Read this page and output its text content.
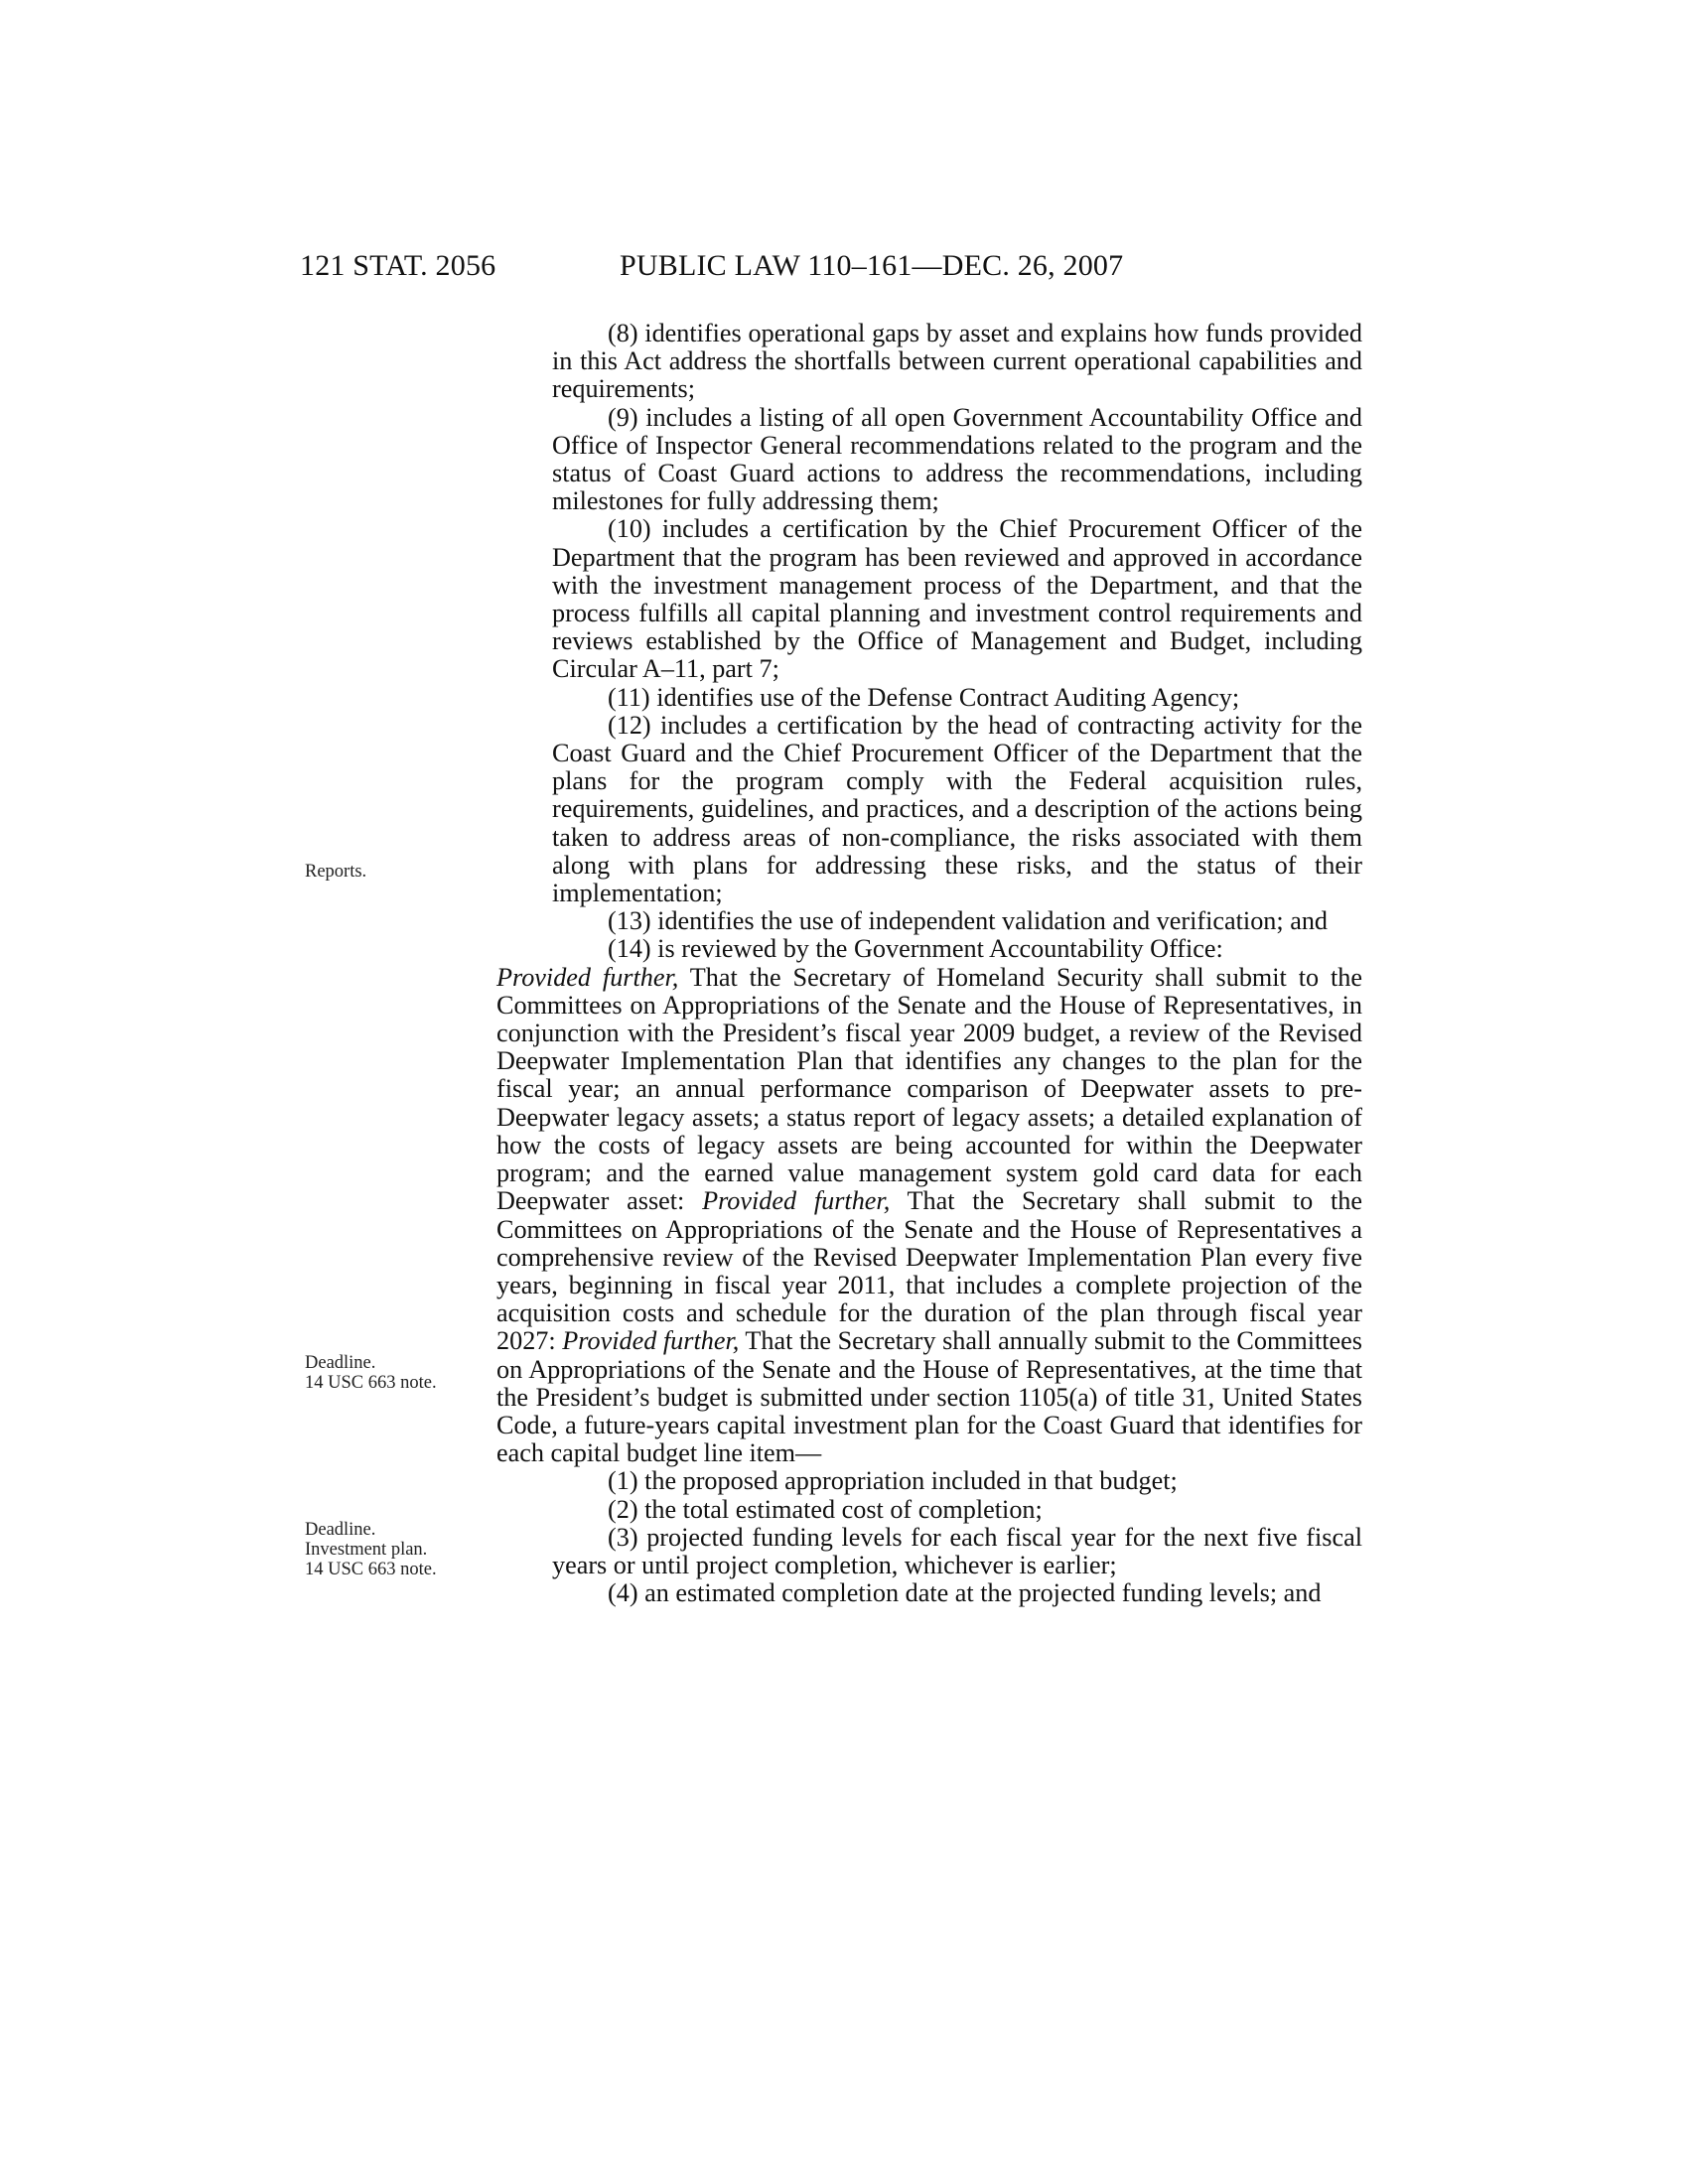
121 STAT. 2056	PUBLIC LAW 110–161—DEC. 26, 2007
Reports.
Deadline.
14 USC 663 note.
Deadline.
Investment plan.
14 USC 663 note.

(8) identifies operational gaps by asset and explains how funds provided in this Act address the shortfalls between current operational capabilities and requirements;

(9) includes a listing of all open Government Accountability Office and Office of Inspector General recommendations related to the program and the status of Coast Guard actions to address the recommendations, including milestones for fully addressing them;

(10) includes a certification by the Chief Procurement Officer of the Department that the program has been reviewed and approved in accordance with the investment management process of the Department, and that the process fulfills all capital planning and investment control requirements and reviews established by the Office of Management and Budget, including Circular A–11, part 7;

(11) identifies use of the Defense Contract Auditing Agency;

(12) includes a certification by the head of contracting activity for the Coast Guard and the Chief Procurement Officer of the Department that the plans for the program comply with the Federal acquisition rules, requirements, guidelines, and practices, and a description of the actions being taken to address areas of non-compliance, the risks associated with them along with plans for addressing these risks, and the status of their implementation;

(13) identifies the use of independent validation and verification; and

(14) is reviewed by the Government Accountability Office:

Provided further, That the Secretary of Homeland Security shall submit to the Committees on Appropriations of the Senate and the House of Representatives, in conjunction with the President’s fiscal year 2009 budget, a review of the Revised Deepwater Implementation Plan that identifies any changes to the plan for the fiscal year; an annual performance comparison of Deepwater assets to pre-Deepwater legacy assets; a status report of legacy assets; a detailed explanation of how the costs of legacy assets are being accounted for within the Deepwater program; and the earned value management system gold card data for each Deepwater asset: Provided further, That the Secretary shall submit to the Committees on Appropriations of the Senate and the House of Representatives a comprehensive review of the Revised Deepwater Implementation Plan every five years, beginning in fiscal year 2011, that includes a complete projection of the acquisition costs and schedule for the duration of the plan through fiscal year 2027: Provided further, That the Secretary shall annually submit to the Committees on Appropriations of the Senate and the House of Representatives, at the time that the President’s budget is submitted under section 1105(a) of title 31, United States Code, a future-years capital investment plan for the Coast Guard that identifies for each capital budget line item—

(1) the proposed appropriation included in that budget;

(2) the total estimated cost of completion;

(3) projected funding levels for each fiscal year for the next five fiscal years or until project completion, whichever is earlier;

(4) an estimated completion date at the projected funding levels; and
